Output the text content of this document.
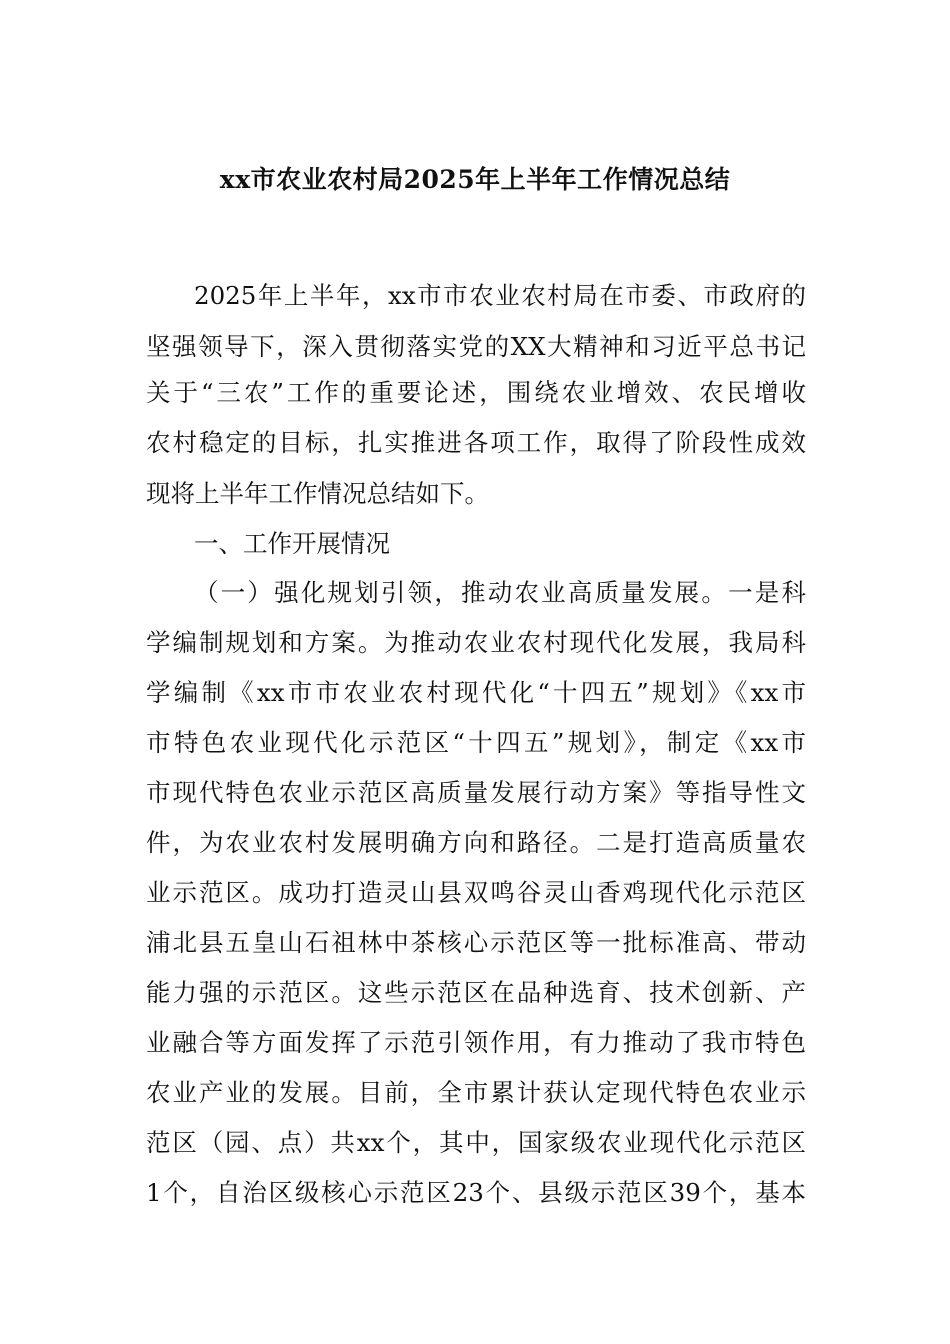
xx市农业农村局2025年上半年工作情况总结
2025年上半年，xx市市农业农村局在市委、市政府的
坚强领导下，深入贯彻落实党的XX大精神和习近平总书记
关于“三农”工作的重要论述，围绕农业增效、农民增收
农村稳定的目标，扎实推进各项工作，取得了阶段性成效
现将上半年工作情况总结如下。
一、工作开展情况
（一）强化规划引领，推动农业高质量发展。一是科
学编制规划和方案。为推动农业农村现代化发展，我局科
学编制《xx市市农业农村现代化“十四五”规划》《xx市
市特色农业现代化示范区“十四五”规划》，制定《xx市
市现代特色农业示范区高质量发展行动方案》等指导性文
件，为农业农村发展明确方向和路径。二是打造高质量农
业示范区。成功打造灵山县双鸣谷灵山香鸡现代化示范区
浦北县五皇山石祖林中茶核心示范区等一批标准高、带动
能力强的示范区。这些示范区在品种选育、技术创新、产
业融合等方面发挥了示范引领作用，有力推动了我市特色
农业产业的发展。目前，全市累计获认定现代特色农业示
范区（园、点）共xx个，其中，国家级农业现代化示范区
1个，自治区级核心示范区23个、县级示范区39个，基本
